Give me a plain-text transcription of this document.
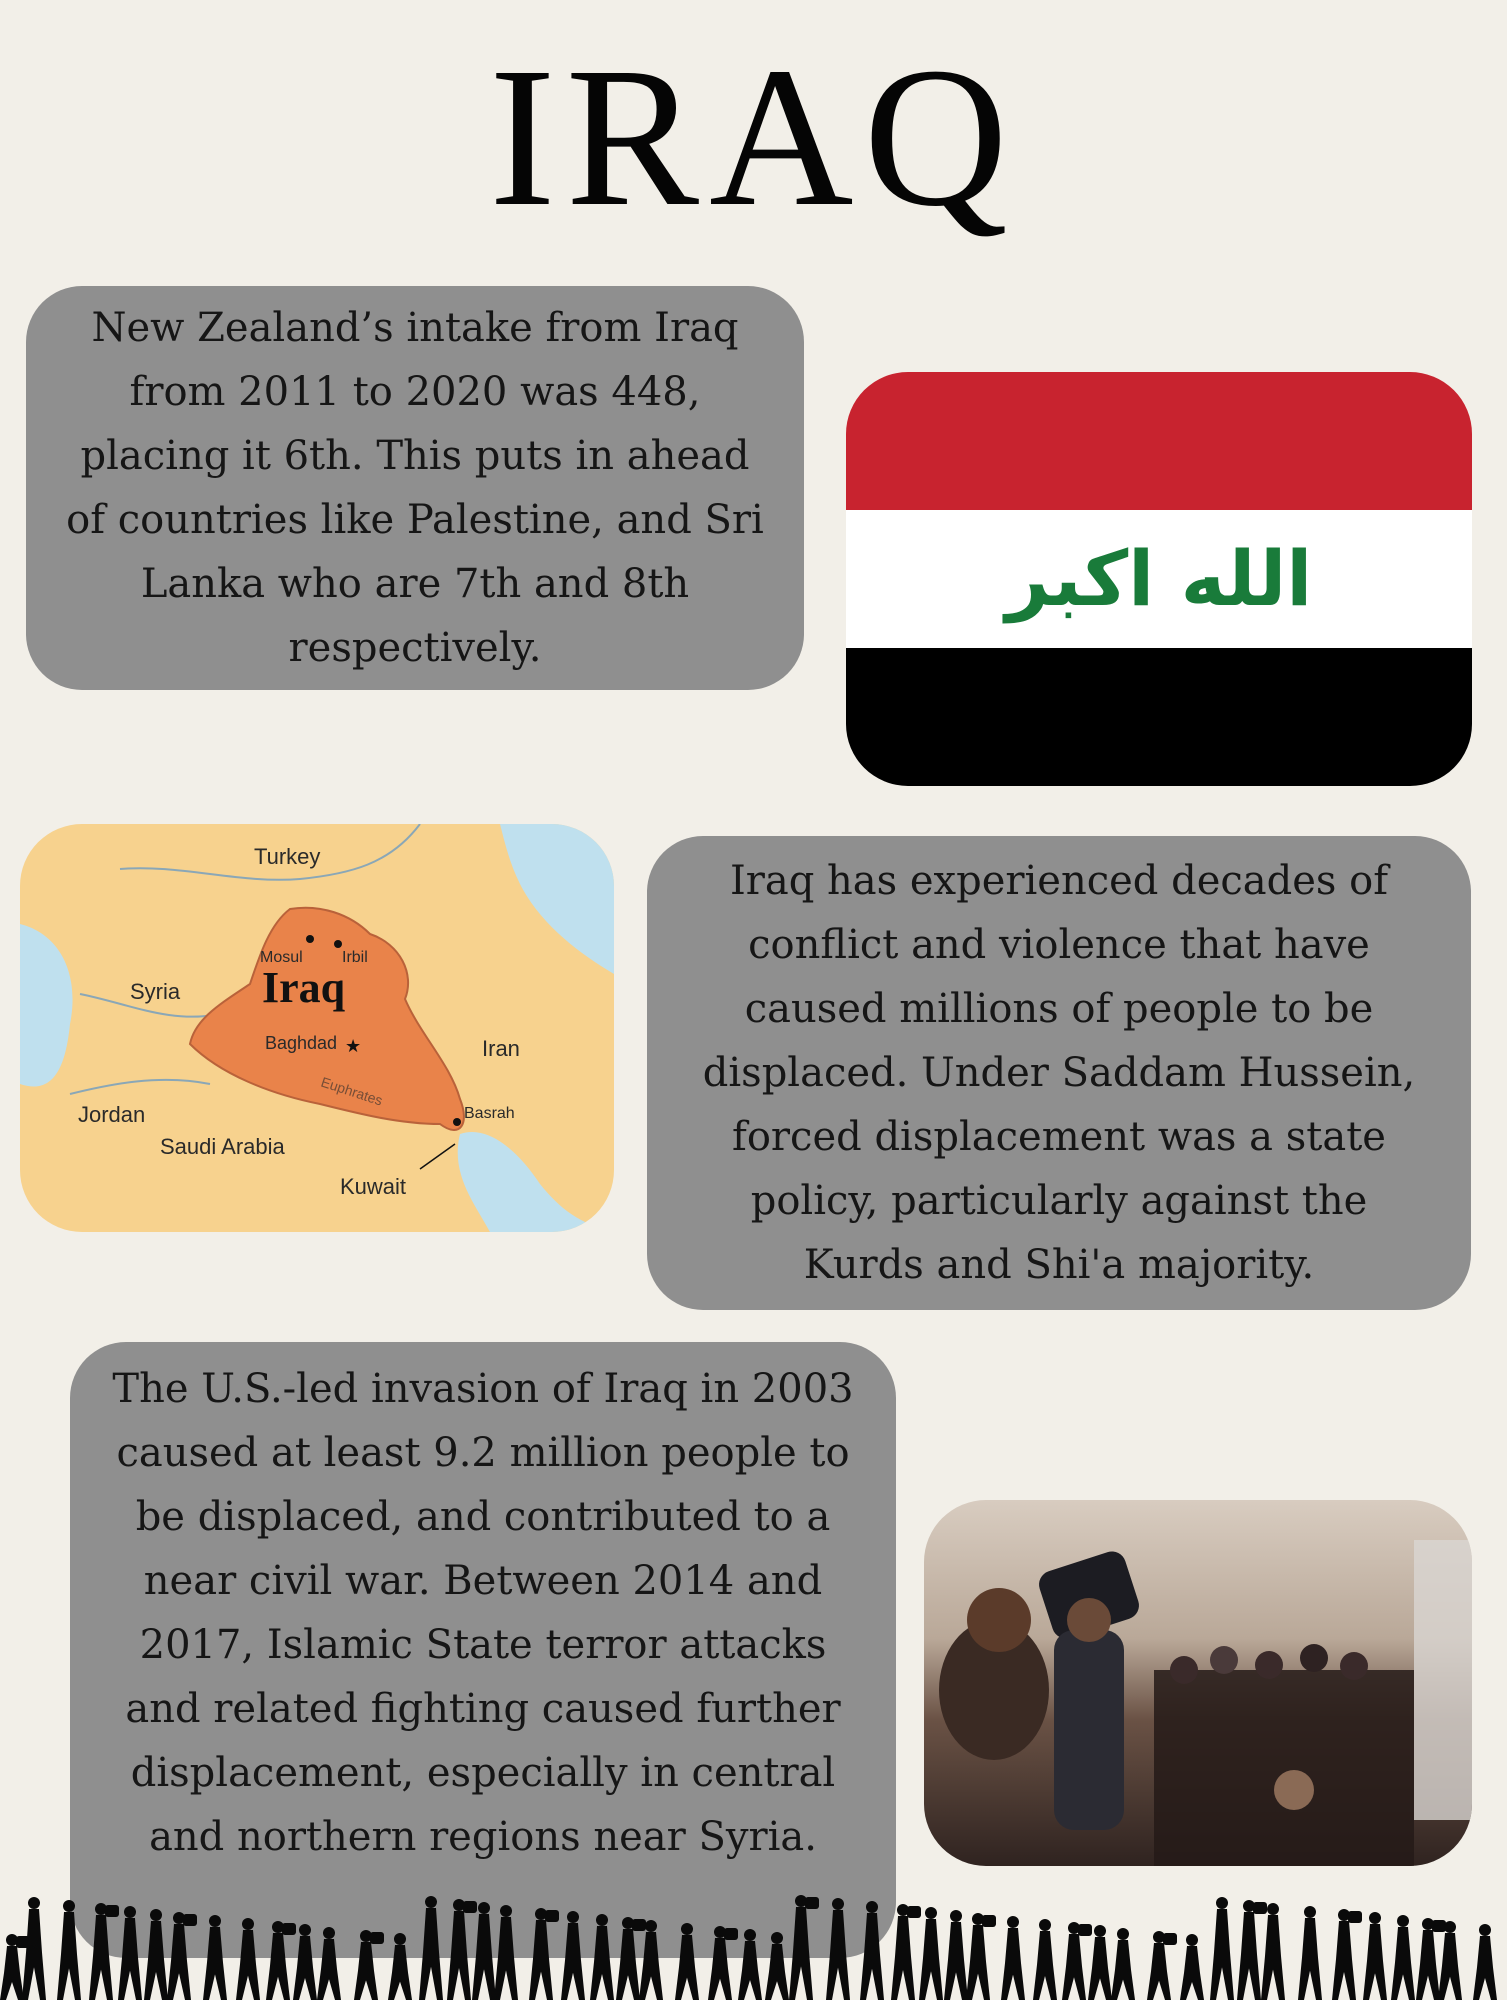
IRAQ
New Zealand’s intake from Iraq from 2011 to 2020 was 448, placing it 6th. This puts in ahead of countries like Palestine, and Sri Lanka who are 7th and 8th respectively.
الله اكبر
★
Turkey
Syria
Iran
Jordan
Saudi Arabia
Kuwait
Mosul Irbil
Baghdad
Basrah
Euphrates
Iraq
Iraq has experienced decades of conflict and violence that have caused millions of people to be displaced. Under Saddam Hussein, forced displacement was a state policy, particularly against the Kurds and Shi'a majority.
The U.S.-led invasion of Iraq in 2003 caused at least 9.2 million people to be displaced, and contributed to a near civil war. Between 2014 and 2017, Islamic State terror attacks and related fighting caused further displacement, especially in central and northern regions near Syria.
